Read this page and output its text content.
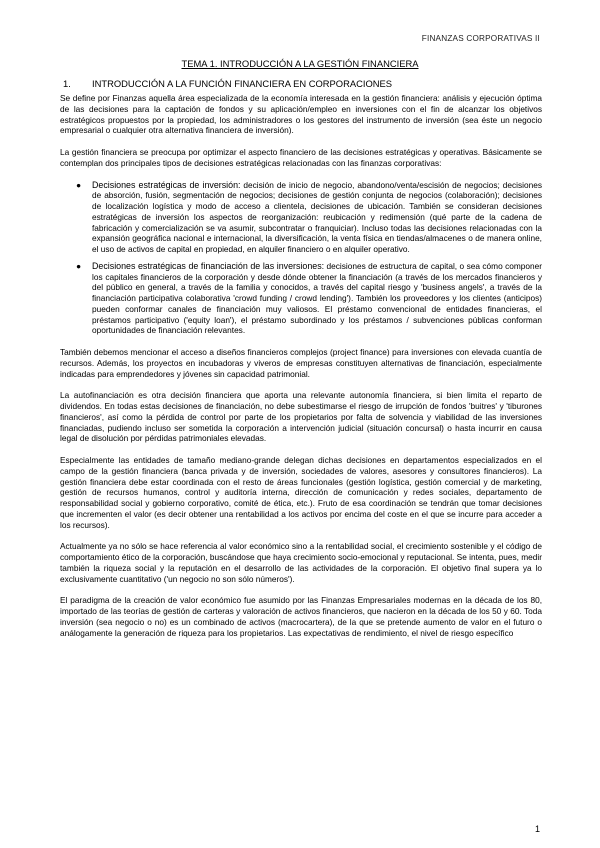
FINANZAS CORPORATIVAS II
TEMA 1. INTRODUCCIÓN A LA GESTIÓN FINANCIERA
1. INTRODUCCIÓN A LA FUNCIÓN FINANCIERA EN CORPORACIONES

Se define por Finanzas aquella área especializada de la economía interesada en la gestión financiera: análisis y ejecución óptima de las decisiones para la captación de fondos y su aplicación/empleo en inversiones con el fin de alcanzar los objetivos estratégicos propuestos por la propiedad, los administradores o los gestores del instrumento de inversión (sea éste un negocio empresarial o cualquier otra alternativa financiera de inversión).

La gestión financiera se preocupa por optimizar el aspecto financiero de las decisiones estratégicas y operativas. Básicamente se contemplan dos principales tipos de decisiones estratégicas relacionadas con las finanzas corporativas:

● Decisiones estratégicas de inversión: decisión de inicio de negocio, abandono/venta/escisión de negocios; decisiones de absorción, fusión, segmentación de negocios; decisiones de gestión conjunta de negocios (colaboración); decisiones de localización logística y modo de acceso a clientela, decisiones de ubicación. También se consideran decisiones estratégicas de inversión los aspectos de reorganización: reubicación y redimensión (qué parte de la cadena de fabricación y comercialización se va asumir, subcontratar o franquiciar). Incluso todas las decisiones relacionadas con la expansión geográfica nacional e internacional, la diversificación, la venta física en tiendas/almacenes o de manera online, el uso de activos de capital en propiedad, en alquiler financiero o en alquiler operativo.
● Decisiones estratégicas de financiación de las inversiones: decisiones de estructura de capital, o sea cómo componer los capitales financieros de la corporación y desde dónde obtener la financiación (a través de los mercados financieros y del público en general, a través de la familia y conocidos, a través del capital riesgo y 'business angels', a través de la financiación participativa colaborativa 'crowd funding / crowd lending'). También los proveedores y los clientes (anticipos) pueden conformar canales de financiación muy valiosos. El préstamo convencional de entidades financieras, el préstamos participativo ('equity loan'), el préstamo subordinado y los préstamos / subvenciones públicas conforman oportunidades de financiación relevantes.

También debemos mencionar el acceso a diseños financieros complejos (project finance) para inversiones con elevada cuantía de recursos. Además, los proyectos en incubadoras y viveros de empresas constituyen alternativas de financiación, especialmente indicadas para emprendedores y jóvenes sin capacidad patrimonial.

La autofinanciación es otra decisión financiera que aporta una relevante autonomía financiera, si bien limita el reparto de dividendos. En todas estas decisiones de financiación, no debe subestimarse el riesgo de irrupción de fondos 'buitres' y 'tiburones financieros', así como la pérdida de control por parte de los propietarios por falta de solvencia y viabilidad de las inversiones financiadas, pudiendo incluso ser sometida la corporación a intervención judicial (situación concursal) o hasta incurrir en causa legal de disolución por pérdidas patrimoniales elevadas.

Especialmente las entidades de tamaño mediano-grande delegan dichas decisiones en departamentos especializados en el campo de la gestión financiera (banca privada y de inversión, sociedades de valores, asesores y consultores financieros). La gestión financiera debe estar coordinada con el resto de áreas funcionales (gestión logística, gestión comercial y de marketing, gestión de recursos humanos, control y auditoría interna, dirección de comunicación y redes sociales, departamento de responsabilidad social y gobierno corporativo, comité de ética, etc.). Fruto de esa coordinación se tendrán que tomar decisiones que incrementen el valor (es decir obtener una rentabilidad a los activos por encima del coste en el que se incurre para acceder a los recursos).

Actualmente ya no sólo se hace referencia al valor económico sino a la rentabilidad social, el crecimiento sostenible y el código de comportamiento ético de la corporación, buscándose que haya crecimiento socio-emocional y reputacional. Se intenta, pues, medir también la riqueza social y la reputación en el desarrollo de las actividades de la corporación. El objetivo final supera ya lo exclusivamente cuantitativo ('un negocio no son sólo números').

El paradigma de la creación de valor económico fue asumido por las Finanzas Empresariales modernas en la década de los 80, importado de las teorías de gestión de carteras y valoración de activos financieros, que nacieron en la década de los 50 y 60. Toda inversión (sea negocio o no) es un combinado de activos (macrocartera), de la que se pretende aumento de valor en el futuro o análogamente la generación de riqueza para los propietarios. Las expectativas de rendimiento, el nivel de riesgo específico

1
